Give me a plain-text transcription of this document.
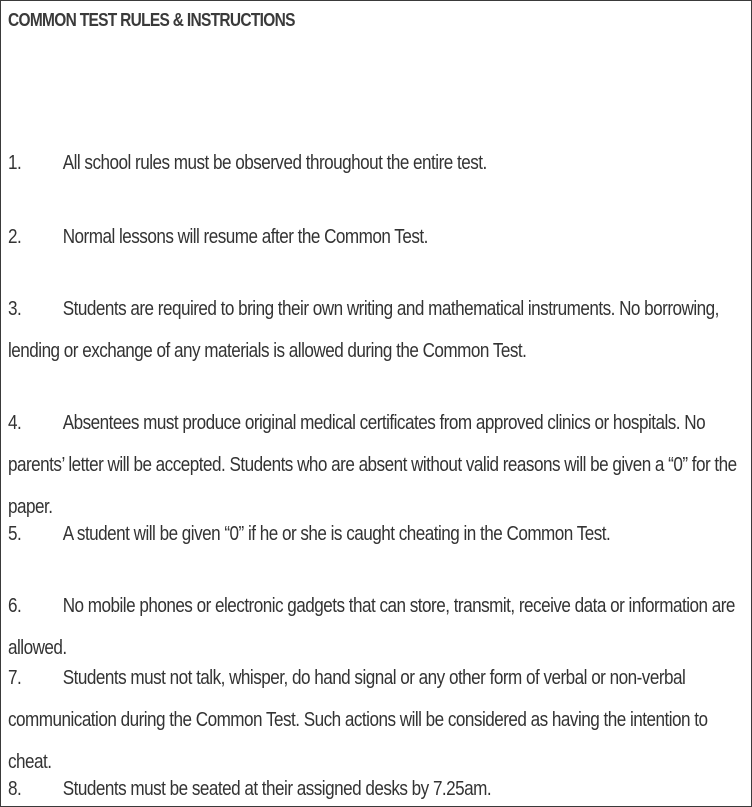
COMMON TEST RULES & INSTRUCTIONS
1. All school rules must be observed throughout the entire test.
2. Normal lessons will resume after the Common Test.
3. Students are required to bring their own writing and mathematical instruments. No borrowing, lending or exchange of any materials is allowed during the Common Test.
4. Absentees must produce original medical certificates from approved clinics or hospitals. No parents’ letter will be accepted. Students who are absent without valid reasons will be given a “0” for the paper.
5. A student will be given “0” if he or she is caught cheating in the Common Test.
6. No mobile phones or electronic gadgets that can store, transmit, receive data or information are allowed.
7. Students must not talk, whisper, do hand signal or any other form of verbal or non-verbal communication during the Common Test. Such actions will be considered as having the intention to cheat.
8. Students must be seated at their assigned desks by 7.25am.
